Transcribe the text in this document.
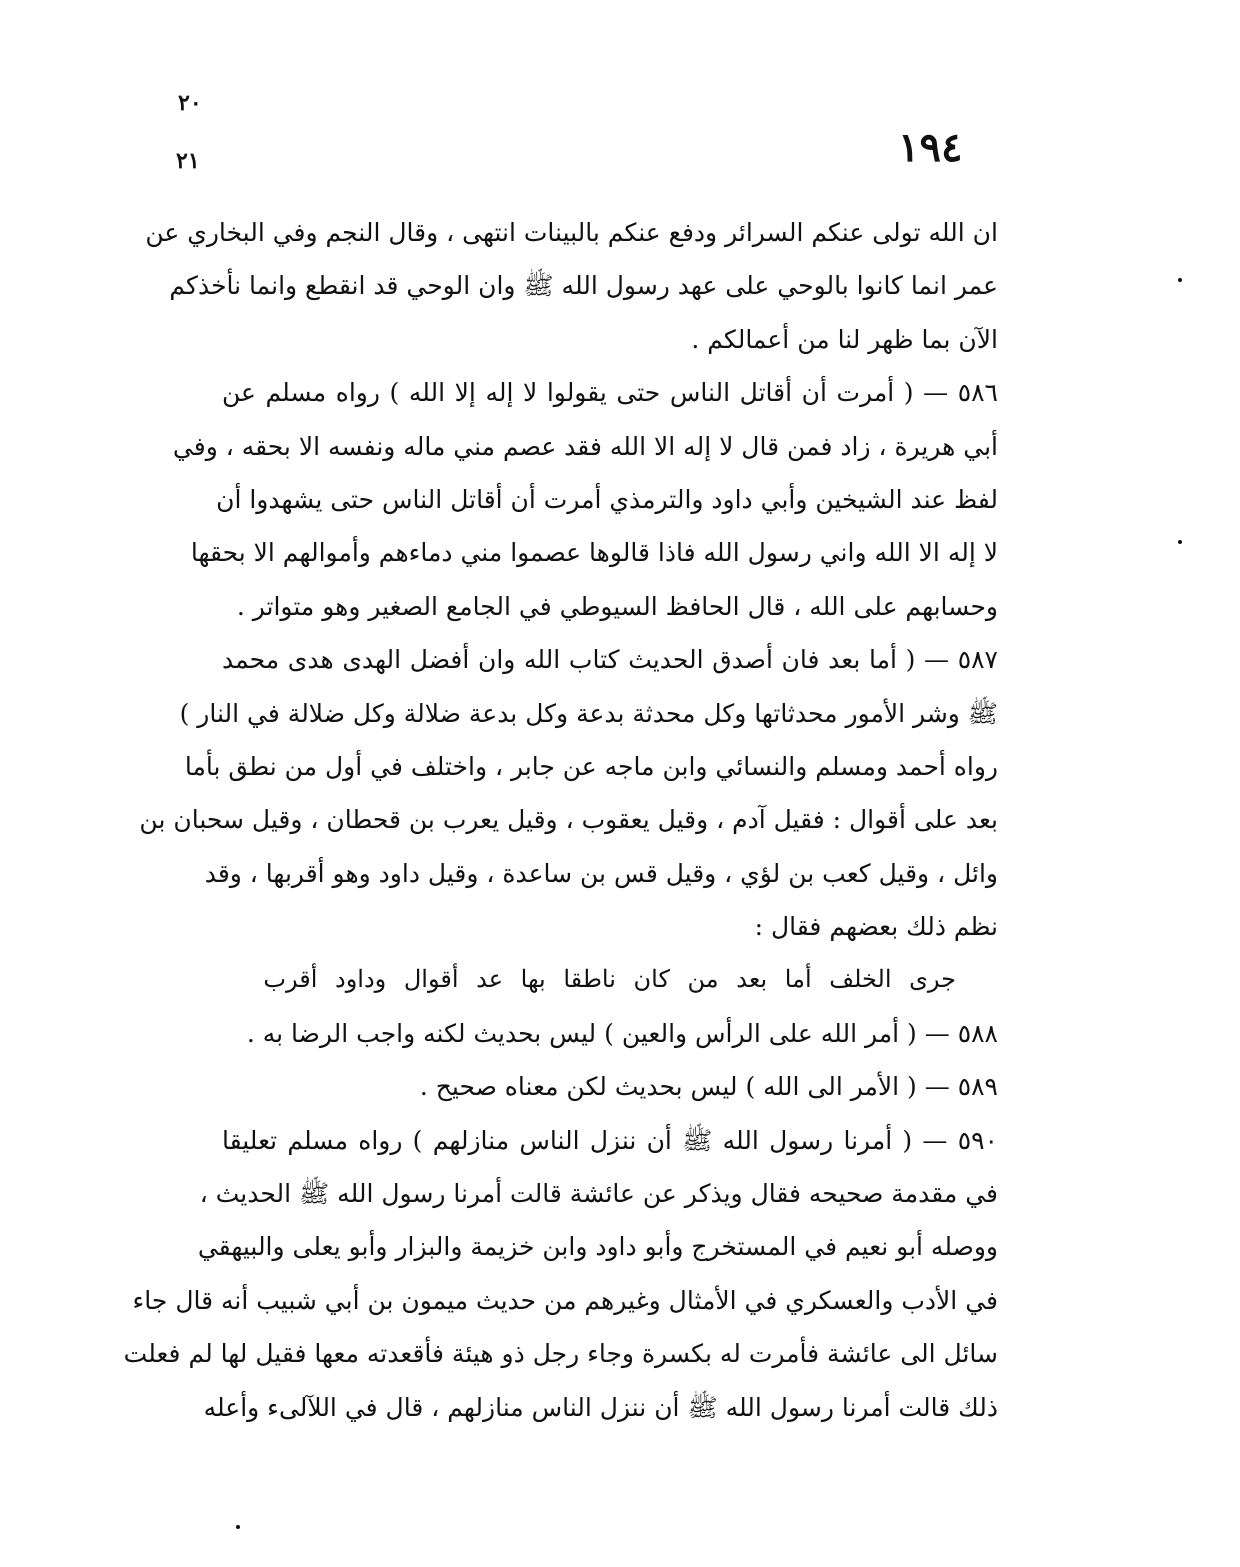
١٩٤
٢٠
٢١
ان الله تولى عنكم السرائر ودفع عنكم بالبينات انتهى ، وقال النجم وفي البخاري عن
عمر انما كانوا بالوحي على عهد رسول الله ﷺ وان الوحي قد انقطع وانما نأخذكم
الآن بما ظهر لنا من أعمالكم .
٥٨٦ — ( أمرت أن أقاتل الناس حتى يقولوا لا إله إلا الله ) رواه مسلم عن
أبي هريرة ، زاد فمن قال لا إله الا الله فقد عصم مني ماله ونفسه الا بحقه ، وفي
لفظ عند الشيخين وأبي داود والترمذي أمرت أن أقاتل الناس حتى يشهدوا أن
لا إله الا الله واني رسول الله فاذا قالوها عصموا مني دماءهم وأموالهم الا بحقها
وحسابهم على الله ، قال الحافظ السيوطي في الجامع الصغير وهو متواتر .
٥٨٧ — ( أما بعد فان أصدق الحديث كتاب الله وان أفضل الهدى هدى محمد
ﷺ وشر الأمور محدثاتها وكل محدثة بدعة وكل بدعة ضلالة وكل ضلالة في النار )
رواه أحمد ومسلم والنسائي وابن ماجه عن جابر ، واختلف في أول من نطق بأما
بعد على أقوال : فقيل آدم ، وقيل يعقوب ، وقيل يعرب بن قحطان ، وقيل سحبان بن
وائل ، وقيل كعب بن لؤي ، وقيل قس بن ساعدة ، وقيل داود وهو أقربها ، وقد
نظم ذلك بعضهم فقال :
جرى الخلف أما بعد من كان ناطقا بها عد أقوال وداود أقرب
٥٨٨ — ( أمر الله على الرأس والعين ) ليس بحديث لكنه واجب الرضا به .
٥٨٩ — ( الأمر الى الله ) ليس بحديث لكن معناه صحيح .
٥٩٠ — ( أمرنا رسول الله ﷺ أن ننزل الناس منازلهم ) رواه مسلم تعليقا
في مقدمة صحيحه فقال ويذكر عن عائشة قالت أمرنا رسول الله ﷺ الحديث ،
ووصله أبو نعيم في المستخرج وأبو داود وابن خزيمة والبزار وأبو يعلى والبيهقي
في الأدب والعسكري في الأمثال وغيرهم من حديث ميمون بن أبي شبيب أنه قال جاء
سائل الى عائشة فأمرت له بكسرة وجاء رجل ذو هيئة فأقعدته معها فقيل لها لم فعلت
ذلك قالت أمرنا رسول الله ﷺ أن ننزل الناس منازلهم ، قال في اللآلىء وأعله
